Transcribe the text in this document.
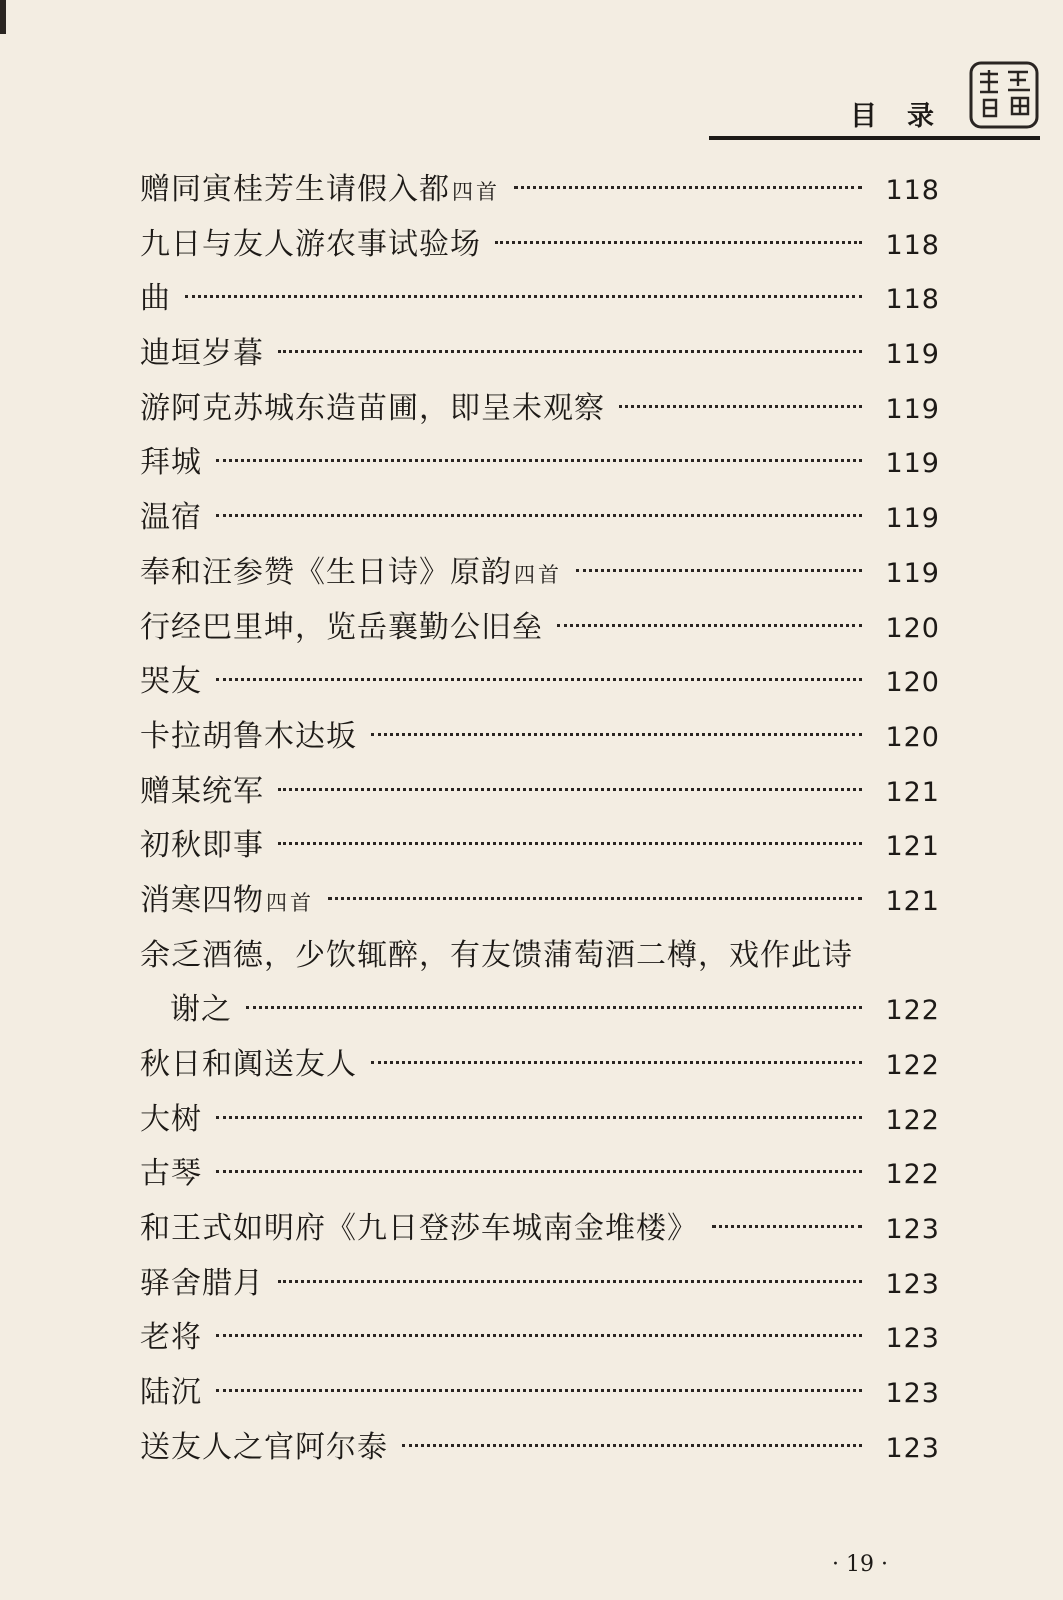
目录
赠同寅桂芳生请假入都 四首	118
九日与友人游农事试验场	118
曲	118
迪垣岁暮	119
游阿克苏城东造苗圃，即呈未观察	119
拜城	119
温宿	119
奉和汪参赞《生日诗》原韵 四首	119
行经巴里坤，览岳襄勤公旧垒	120
哭友	120
卡拉胡鲁木达坂	120
赠某统军	121
初秋即事	121
消寒四物 四首	121
余乏酒德，少饮辄醉，有友馈蒲萄酒二樽，戏作此诗
谢之	122
秋日和阗送友人	122
大树	122
古琴	122
和王式如明府《九日登莎车城南金堆楼》	123
驿舍腊月	123
老将	123
陆沉	123
送友人之官阿尔泰	123
· 19 ·
